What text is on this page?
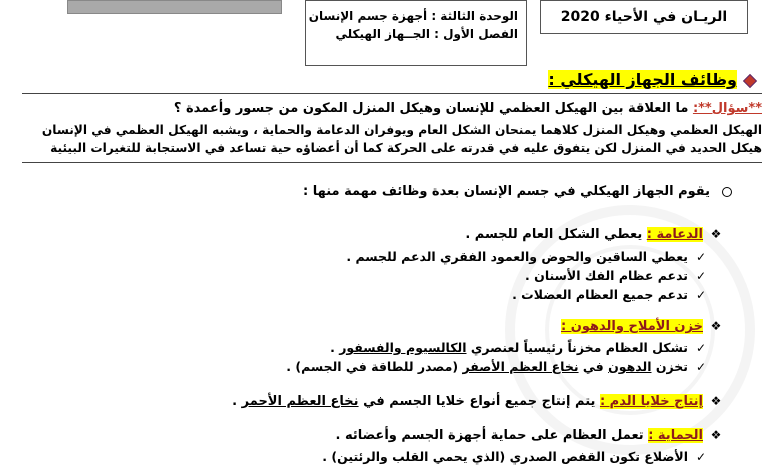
الوحدة الثالثة : أجهزة جسم الإنسان
الفصل الأول : الجــهاز الهيكلي
الريـان في الأحياء 2020
وظائف الجهاز الهيكلي :
**سؤال**: ما العلاقة بين الهيكل العظمي للإنسان وهيكل المنزل المكون من جسور وأعمدة ؟
الهيكل العظمي وهيكل المنزل كلاهما يمنحان الشكل العام ويوفران الدعامة والحماية ، ويشبه الهيكل العظمي في الإنسان
هيكل الحديد في المنزل لكن يتفوق عليه في قدرته على الحركة كما أن أعضاؤه حية تساعد في الاستجابة للتغيرات البيئية
يقوم الجهاز الهيكلي في جسم الإنسان بعدة وظائف مهمة منها :
❖الدعامة : يعطي الشكل العام للجسم .
✓يعطي الساقين والحوض والعمود الفقري الدعم للجسم .
✓تدعم عظام الفك الأسنان .
✓تدعم جميع العظام العضلات .
❖خزن الأملاح والدهون :
✓تشكل العظام مخزناً رئيسياً لعنصري الكالسيوم والفسفور .
✓تخزن الدهون في نخاع العظم الأصفر (مصدر للطاقة في الجسم) .
❖إنتاج خلايا الدم : يتم إنتاج جميع أنواع خلايا الجسم في نخاع العظم الأحمر .
❖الحماية : تعمل العظام على حماية أجهزة الجسم وأعضائه .
✓الأضلاع تكون القفص الصدري (الذي يحمي القلب والرئتين) .
